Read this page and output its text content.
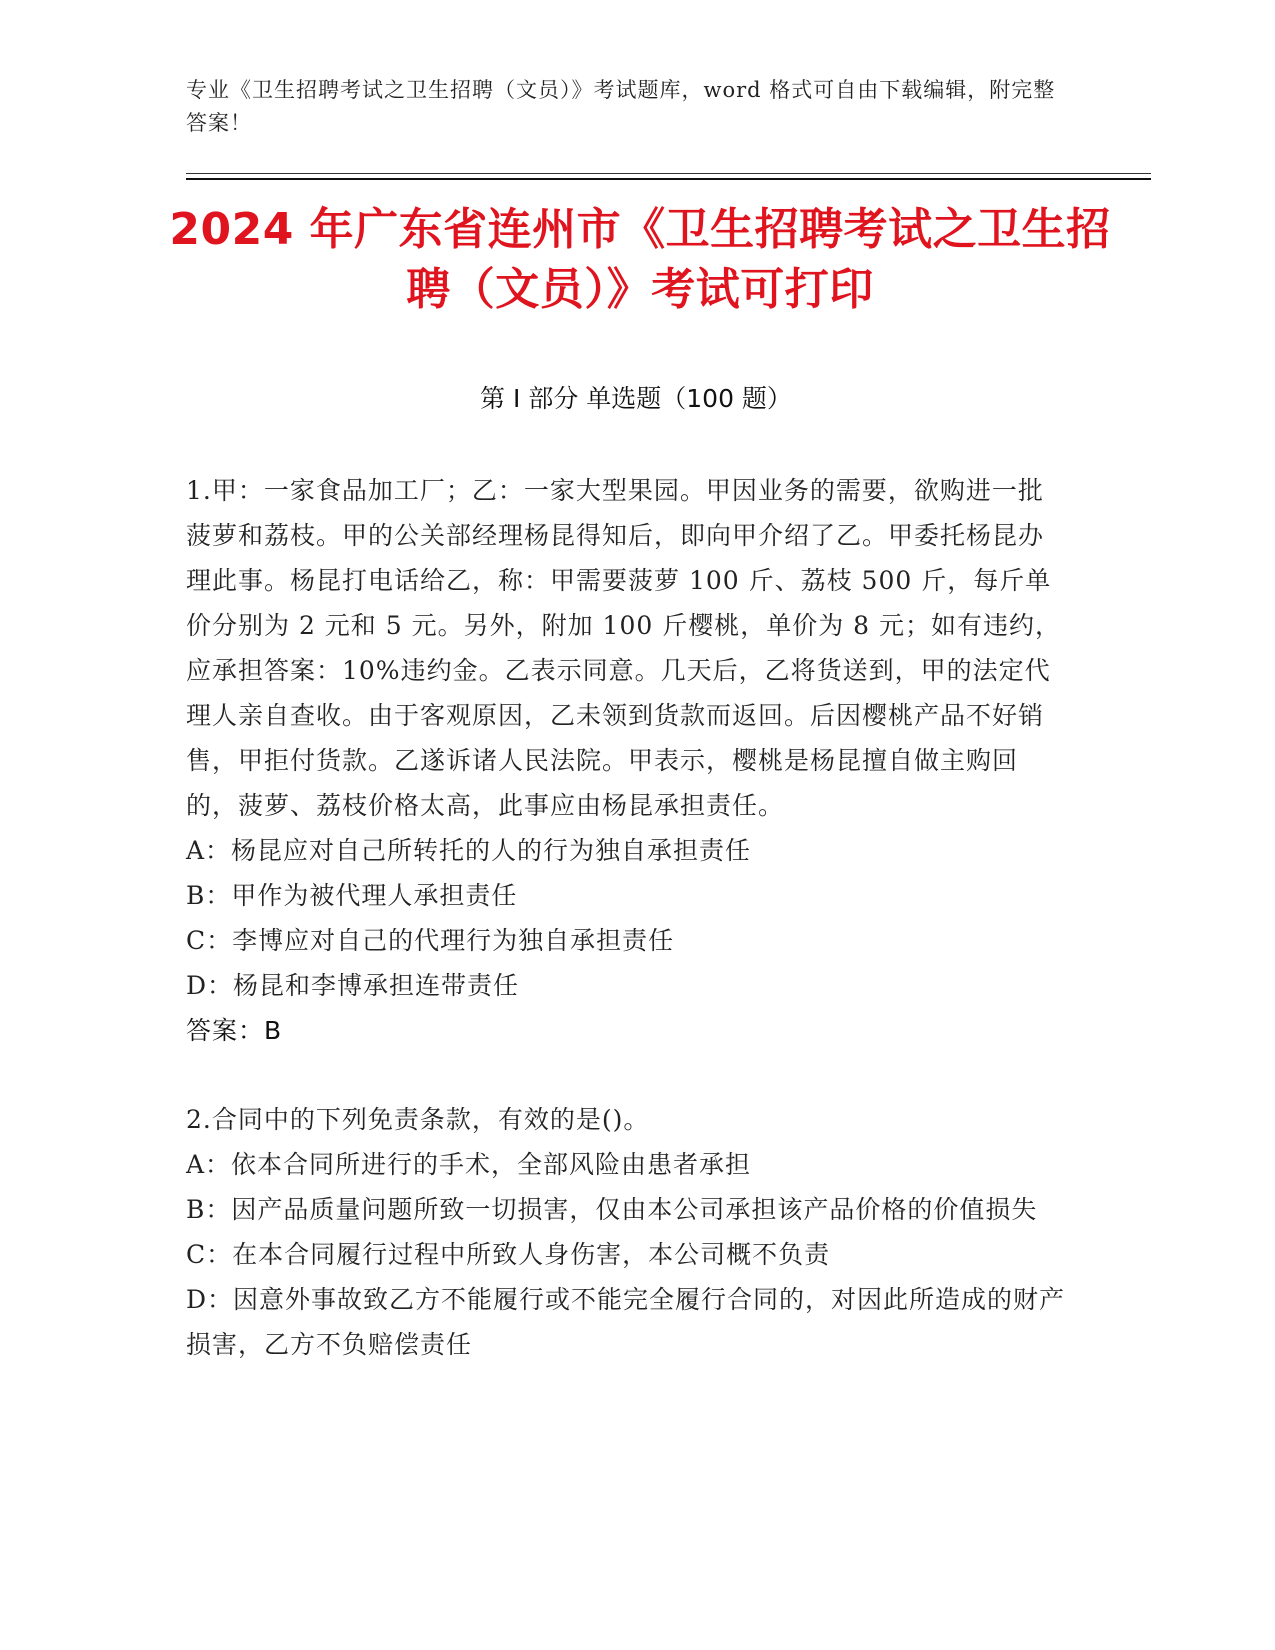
专业《卫生招聘考试之卫生招聘（文员）》考试题库，word 格式可自由下载编辑，附完整答案！
2024 年广东省连州市《卫生招聘考试之卫生招聘（文员）》考试可打印
第 I 部分 单选题（100 题）

1.甲：一家食品加工厂；乙：一家大型果园。甲因业务的需要，欲购进一批菠萝和荔枝。甲的公关部经理杨昆得知后，即向甲介绍了乙。甲委托杨昆办理此事。杨昆打电话给乙，称：甲需要菠萝 100 斤、荔枝 500 斤，每斤单价分别为 2 元和 5 元。另外，附加 100 斤樱桃，单价为 8 元；如有违约，应承担答案：10%违约金。乙表示同意。几天后，乙将货送到，甲的法定代理人亲自查收。由于客观原因，乙未领到货款而返回。后因樱桃产品不好销售，甲拒付货款。乙遂诉诸人民法院。甲表示，樱桃是杨昆擅自做主购回的，菠萝、荔枝价格太高，此事应由杨昆承担责任。

A：杨昆应对自己所转托的人的行为独自承担责任

B：甲作为被代理人承担责任

C：李博应对自己的代理行为独自承担责任

D：杨昆和李博承担连带责任

答案：B

2.合同中的下列免责条款，有效的是()。

A：依本合同所进行的手术，全部风险由患者承担

B：因产品质量问题所致一切损害，仅由本公司承担该产品价格的价值损失

C：在本合同履行过程中所致人身伤害，本公司概不负责

D：因意外事故致乙方不能履行或不能完全履行合同的，对因此所造成的财产损害，乙方不负赔偿责任
